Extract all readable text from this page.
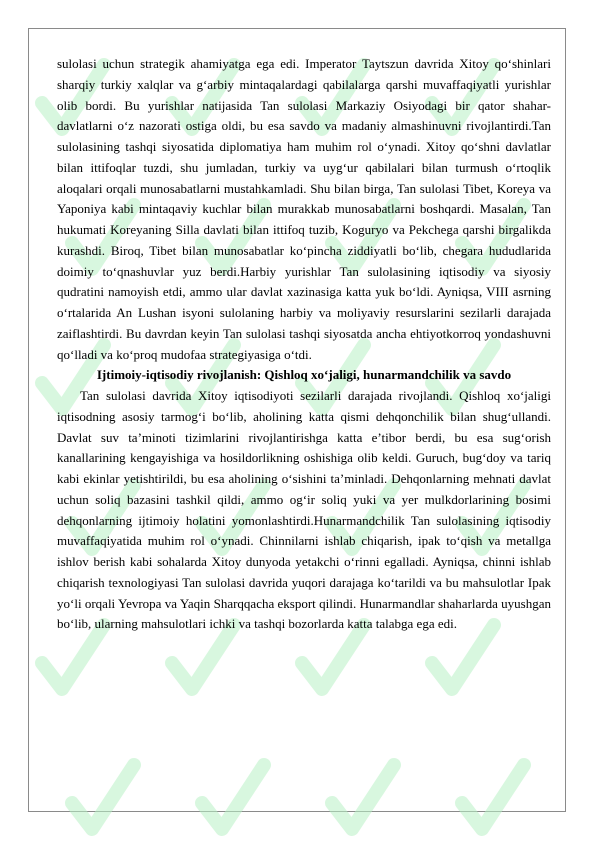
sulolasi uchun strategik ahamiyatga ega edi. Imperator Taytszun davrida Xitoy qo‘shinlari sharqiy turkiy xalqlar va g‘arbiy mintaqalardagi qabilalarga qarshi muvaffaqiyatli yurishlar olib bordi. Bu yurishlar natijasida Tan sulolasi Markaziy Osiyodagi bir qator shahar-davlatlarni o‘z nazorati ostiga oldi, bu esa savdo va madaniy almashinuvni rivojlantirdi.Tan sulolasining tashqi siyosatida diplomatiya ham muhim rol o‘ynadi. Xitoy qo‘shni davlatlar bilan ittifoqlar tuzdi, shu jumladan, turkiy va uyg‘ur qabilalari bilan turmush o‘rtoqlik aloqalari orqali munosabatlarni mustahkamladi. Shu bilan birga, Tan sulolasi Tibet, Koreya va Yaponiya kabi mintaqaviy kuchlar bilan murakkab munosabatlarni boshqardi. Masalan, Tan hukumati Koreyaning Silla davlati bilan ittifoq tuzib, Koguryo va Pekchega qarshi birgalikda kurashdi. Biroq, Tibet bilan munosabatlar ko‘pincha ziddiyatli bo‘lib, chegara hududlarida doimiy to‘qnashuvlar yuz berdi.Harbiy yurishlar Tan sulolasining iqtisodiy va siyosiy qudratini namoyish etdi, ammo ular davlat xazinasiga katta yuk bo‘ldi. Ayniqsa, VIII asrning o‘rtalarida An Lushan isyoni sulolaning harbiy va moliyaviy resurslarini sezilarli darajada zaiflashtirdi. Bu davrdan keyin Tan sulolasi tashqi siyosatda ancha ehtiyotkorroq yondashuvni qo‘lladi va ko‘proq mudofaa strategiyasiga o‘tdi.

Ijtimoiy-iqtisodiy rivojlanish: Qishloq xo‘jaligi, hunarmandchilik va savdo

Tan sulolasi davrida Xitoy iqtisodiyoti sezilarli darajada rivojlandi. Qishloq xo‘jaligi iqtisodning asosiy tarmog‘i bo‘lib, aholining katta qismi dehqonchilik bilan shug‘ullandi. Davlat suv ta’minoti tizimlarini rivojlantirishga katta e’tibor berdi, bu esa sug‘orish kanallarining kengayishiga va hosildorlikning oshishiga olib keldi. Guruch, bug‘doy va tariq kabi ekinlar yetishtirildi, bu esa aholining o‘sishini ta’minladi. Dehqonlarning mehnati davlat uchun soliq bazasini tashkil qildi, ammo og‘ir soliq yuki va yer mulkdorlarining bosimi dehqonlarning ijtimoiy holatini yomonlashtirdi.Hunarmandchilik Tan sulolasining iqtisodiy muvaffaqiyatida muhim rol o‘ynadi. Chinnilarni ishlab chiqarish, ipak to‘qish va metallga ishlov berish kabi sohalarda Xitoy dunyoda yetakchi o‘rinni egalladi. Ayniqsa, chinni ishlab chiqarish texnologiyasi Tan sulolasi davrida yuqori darajaga ko‘tarildi va bu mahsulotlar Ipak yo‘li orqali Yevropa va Yaqin Sharqqacha eksport qilindi. Hunarmandlar shaharlarda uyushgan bo‘lib, ularning mahsulotlari ichki va tashqi bozorlarda katta talabga ega edi.
